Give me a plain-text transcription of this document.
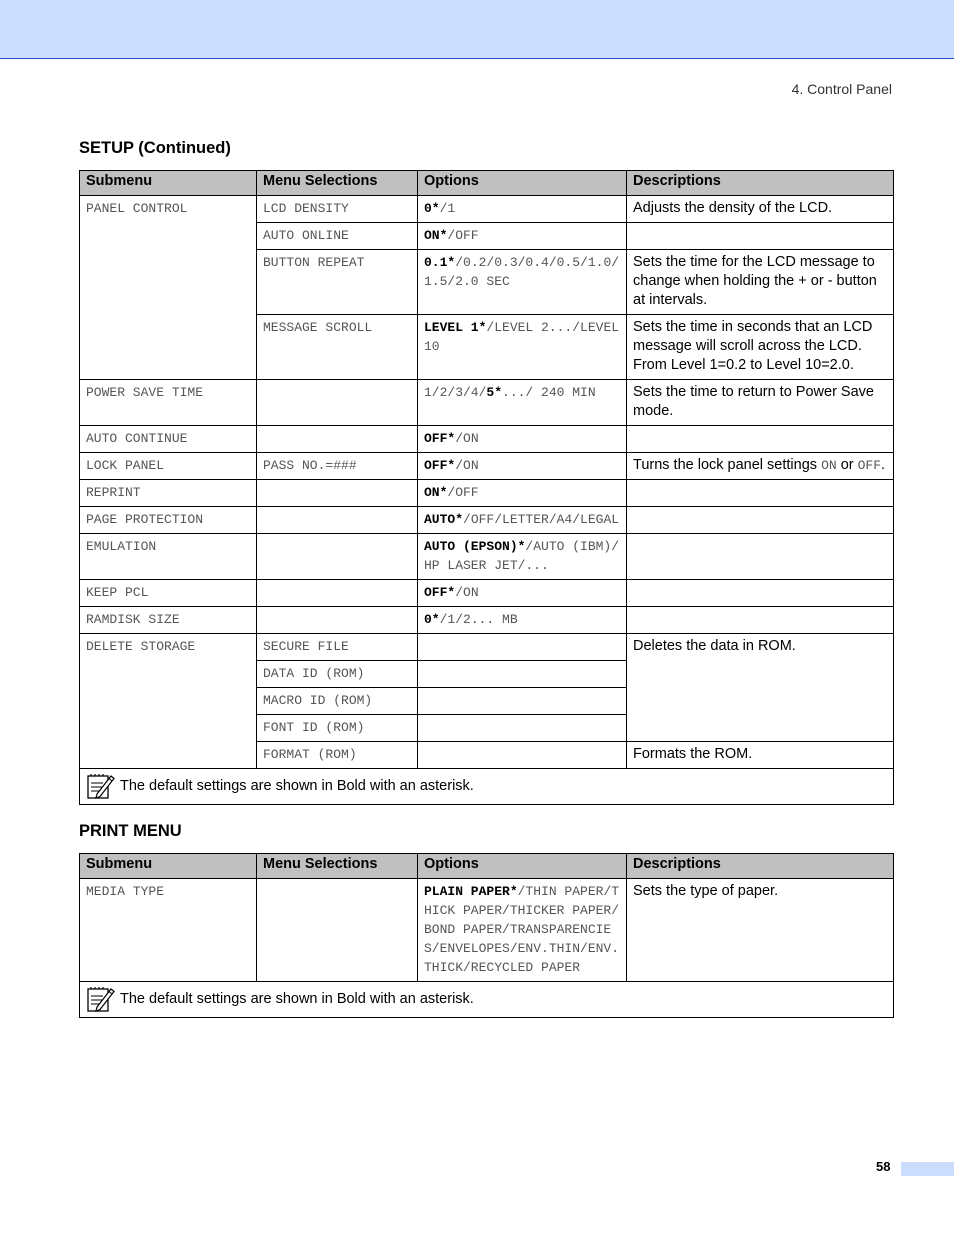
4. Control Panel
SETUP (Continued)
Submenu	Menu Selections	Options	Descriptions
PANEL CONTROL	LCD DENSITY	0*/1	Adjusts the density of the LCD.
	AUTO ONLINE	ON*/OFF	
	BUTTON REPEAT	0.1*/0.2/0.3/0.4/0.5/1.0/1.5/2.0 SEC	Sets the time for the LCD message to change when holding the + or - button at intervals.
	MESSAGE SCROLL	LEVEL 1*/LEVEL 2.../LEVEL10	Sets the time in seconds that an LCD message will scroll across the LCD. From Level 1=0.2 to Level 10=2.0.
POWER SAVE TIME		1/2/3/4/5*.../ 240 MIN	Sets the time to return to Power Save mode.
AUTO CONTINUE		OFF*/ON	
LOCK PANEL	PASS NO.=###	OFF*/ON	Turns the lock panel settings ON or OFF.
REPRINT		ON*/OFF	
PAGE PROTECTION		AUTO*/OFF/LETTER/A4/LEGAL	
EMULATION		AUTO (EPSON)*/AUTO (IBM)/HP LASER JET/...	
KEEP PCL		OFF*/ON	
RAMDISK SIZE		0*/1/2... MB	
DELETE STORAGE	SECURE FILE		Deletes the data in ROM.
	DATA ID (ROM)		
	MACRO ID (ROM)		
	FONT ID (ROM)		
	FORMAT (ROM)		Formats the ROM.

The default settings are shown in Bold with an asterisk.			
PRINT MENU
Submenu	Menu Selections	Options	Descriptions
MEDIA TYPE		PLAIN PAPER*/THIN PAPER/THICK PAPER/THICKER PAPER/BOND PAPER/TRANSPARENCIES/ENVELOPES/ENV.THIN/ENV.THICK/RECYCLED PAPER	Sets the type of paper.

The default settings are shown in Bold with an asterisk.			
58
